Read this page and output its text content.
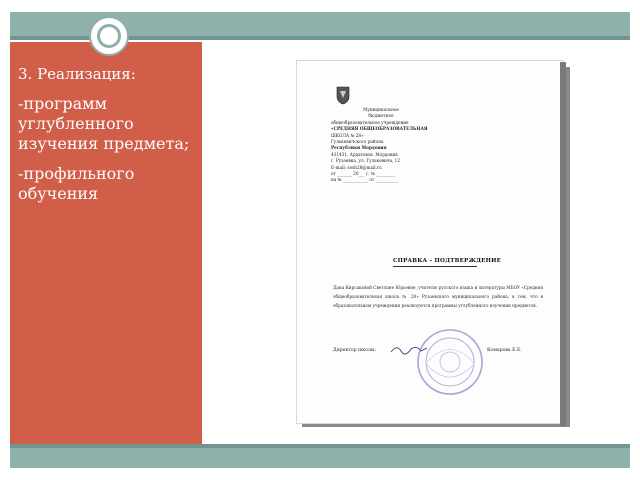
3. Реализация:

-программ углубленного изучения предмета;

-профильного обучения

Муниципальное
бюджетное
общеобразовательное учреждение
«СРЕДНЯЯ ОБЩЕОБРАЗОВАТЕЛЬНАЯ
ШКОЛА № 28»
Гулькевичского района
Республики Мордовия
431431, Ардатовск. Мордовия
г. Рузаевка, ул. Гулькевича, 12
E-mail: sosh28@mail.ru
от _______ 20___ г. № _________
на № ____________ от ___________
СПРАВКА – ПОДТВЕРЖДЕНИЕ
Дана Кирсаковой Светлане Юрьевне, учителю русского языка и литературы МБОУ «Средняя общеобразовательная школа № 28» Рузаевского муниципального района, в том, что в образовательном учреждении реализуются программы углубленного изучения предметов.
Директор школы:	Комарова Е.Е.
